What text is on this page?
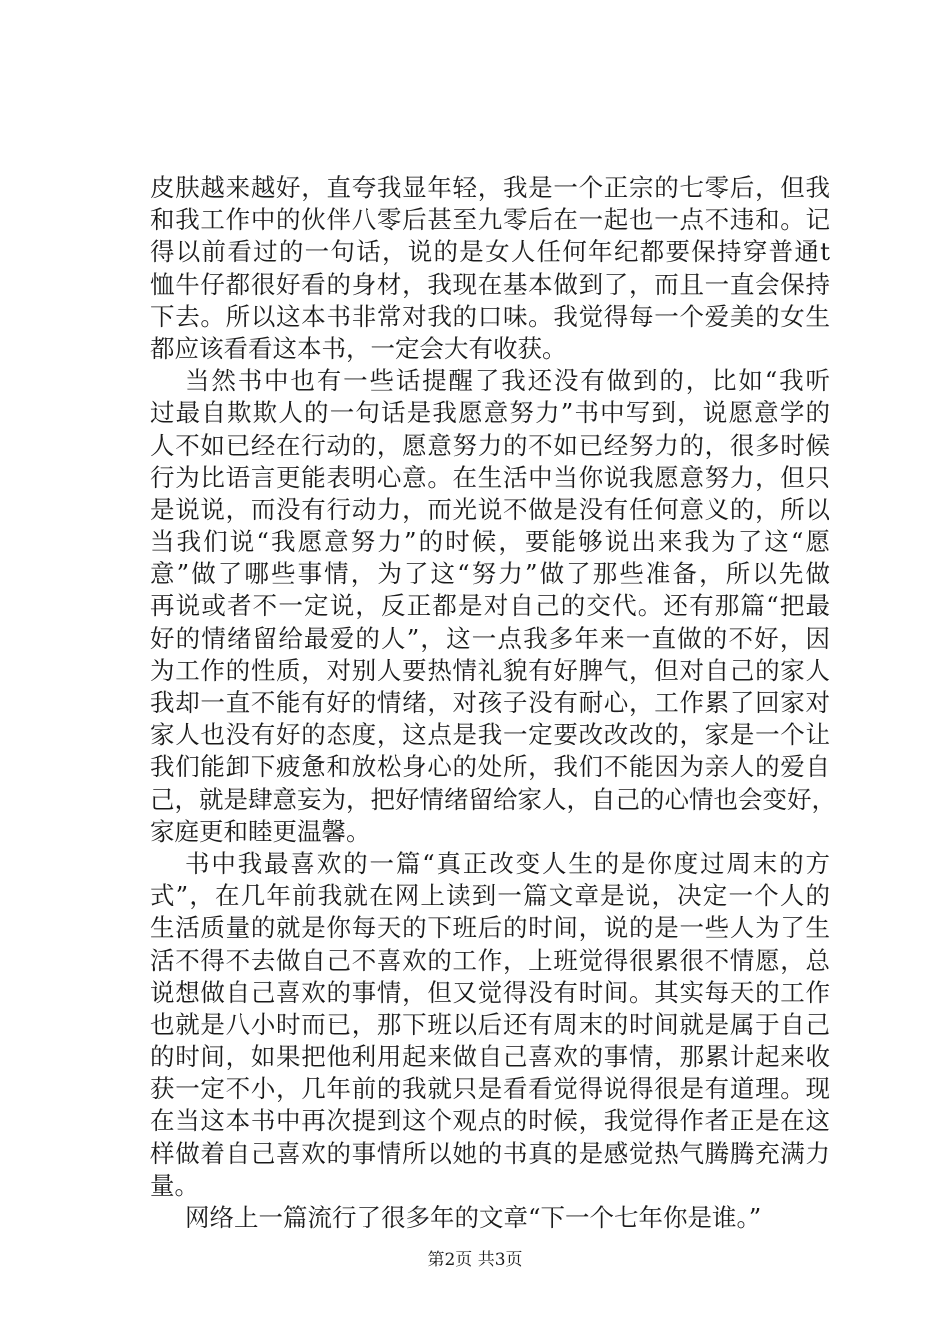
皮肤越来越好，直夸我显年轻，我是一个正宗的七零后，但我
和我工作中的伙伴八零后甚至九零后在一起也一点不违和。记
得以前看过的一句话，说的是女人任何年纪都要保持穿普通t
恤牛仔都很好看的身材，我现在基本做到了，而且一直会保持
下去。所以这本书非常对我的口味。我觉得每一个爱美的女生
都应该看看这本书，一定会大有收获。
当然书中也有一些话提醒了我还没有做到的，比如“我听
过最自欺欺人的一句话是我愿意努力”书中写到，说愿意学的
人不如已经在行动的，愿意努力的不如已经努力的，很多时候
行为比语言更能表明心意。在生活中当你说我愿意努力，但只
是说说，而没有行动力，而光说不做是没有任何意义的，所以
当我们说“我愿意努力”的时候，要能够说出来我为了这“愿
意”做了哪些事情，为了这“努力”做了那些准备，所以先做
再说或者不一定说，反正都是对自己的交代。还有那篇“把最
好的情绪留给最爱的人”，这一点我多年来一直做的不好，因
为工作的性质，对别人要热情礼貌有好脾气，但对自己的家人
我却一直不能有好的情绪，对孩子没有耐心，工作累了回家对
家人也没有好的态度，这点是我一定要改改改的，家是一个让
我们能卸下疲惫和放松身心的处所，我们不能因为亲人的爱自
己，就是肆意妄为，把好情绪留给家人，自己的心情也会变好，
家庭更和睦更温馨。
书中我最喜欢的一篇“真正改变人生的是你度过周末的方
式”，在几年前我就在网上读到一篇文章是说，决定一个人的
生活质量的就是你每天的下班后的时间，说的是一些人为了生
活不得不去做自己不喜欢的工作，上班觉得很累很不情愿，总
说想做自己喜欢的事情，但又觉得没有时间。其实每天的工作
也就是八小时而已，那下班以后还有周末的时间就是属于自己
的时间，如果把他利用起来做自己喜欢的事情，那累计起来收
获一定不小，几年前的我就只是看看觉得说得很是有道理。现
在当这本书中再次提到这个观点的时候，我觉得作者正是在这
样做着自己喜欢的事情所以她的书真的是感觉热气腾腾充满力
量。
网络上一篇流行了很多年的文章“下一个七年你是谁。”
第2页 共3页
